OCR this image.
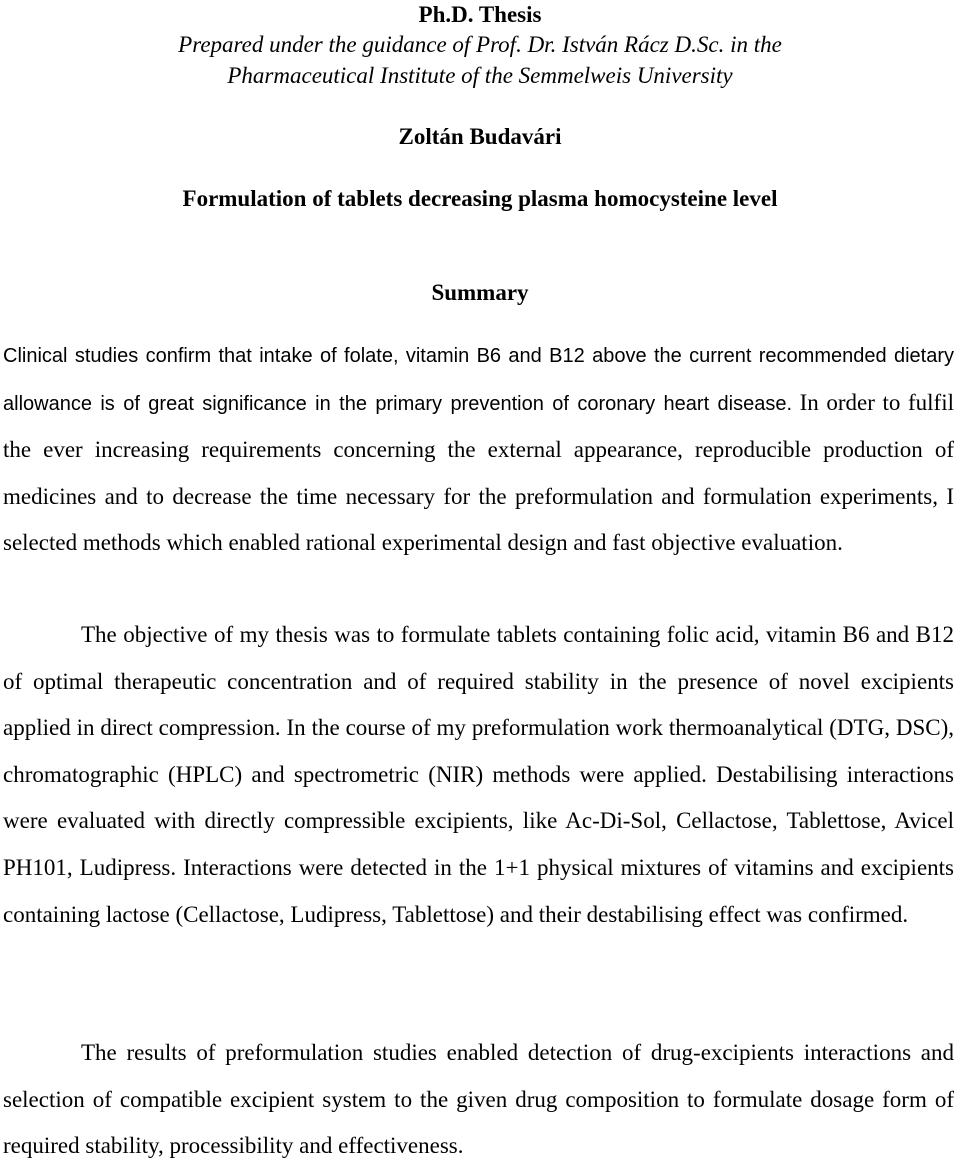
Ph.D. Thesis
Prepared under the guidance of Prof. Dr. István Rácz D.Sc. in the
Pharmaceutical Institute of the Semmelweis University
Zoltán Budavári
Formulation of tablets decreasing plasma homocysteine level
Summary
Clinical studies confirm that intake of folate, vitamin B6 and B12 above the current recommended dietary allowance is of great significance in the primary prevention of coronary heart disease. In order to fulfil the ever increasing requirements concerning the external appearance, reproducible production of medicines and to decrease the time necessary for the preformulation and formulation experiments, I selected methods which enabled rational experimental design and fast objective evaluation.
The objective of my thesis was to formulate tablets containing folic acid, vitamin B6 and B12 of optimal therapeutic concentration and of required stability in the presence of novel excipients applied in direct compression. In the course of my preformulation work thermoanalytical (DTG, DSC), chromatographic (HPLC) and spectrometric (NIR) methods were applied. Destabilising interactions were evaluated with directly compressible excipients, like Ac-Di-Sol, Cellactose, Tablettose, Avicel PH101, Ludipress. Interactions were detected in the 1+1 physical mixtures of vitamins and excipients containing lactose (Cellactose, Ludipress, Tablettose) and their destabilising effect was confirmed.
The results of preformulation studies enabled detection of drug-excipients interactions and selection of compatible excipient system to the given drug composition to formulate dosage form of required stability, processibility and effectiveness.
